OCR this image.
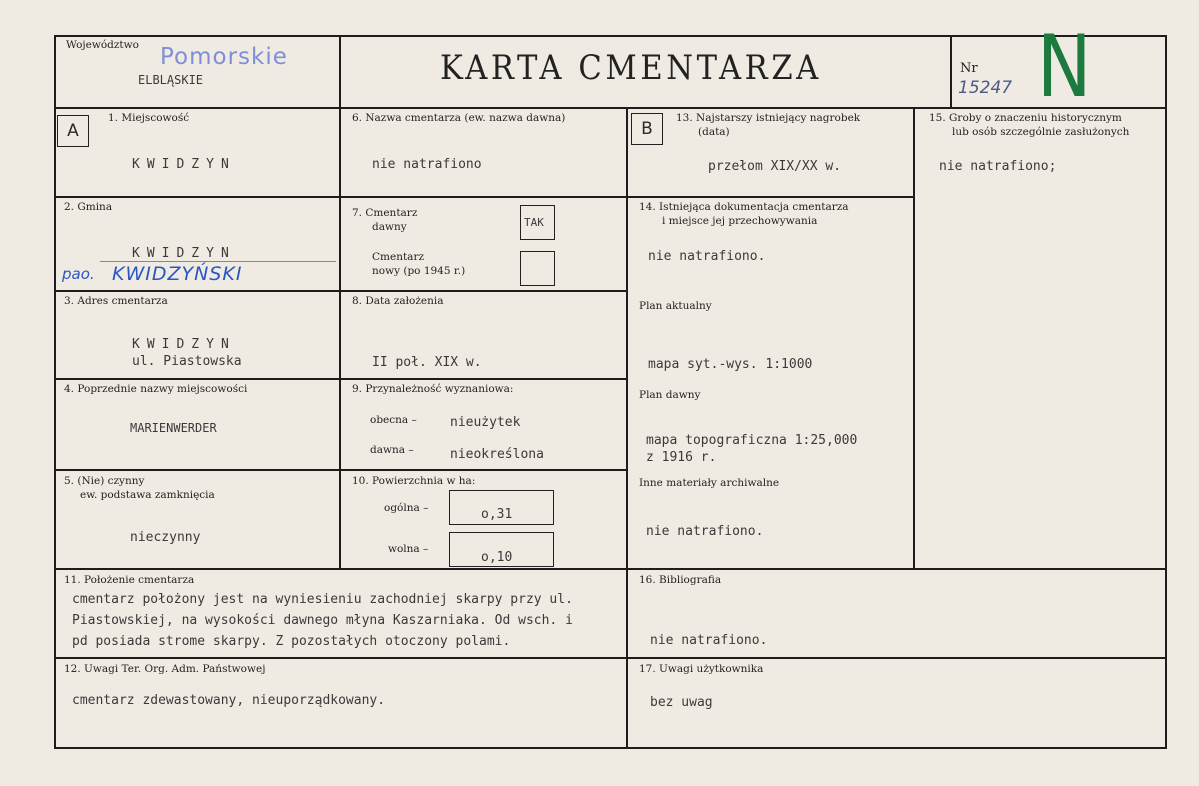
Województwo Pomorskie
ELBLĄSKIE	KARTA CMENTARZA	Nr
15247 N
A
1. Miejscowość
KWIDZYN
2. Gmina
KWIDZYN
pao. KWIDZYŃSKI
3. Adres cmentarza
KWIDZYN
ul. Piastowska
4. Poprzednie nazwy miejscowości
MARIENWERDER
5. (Nie) czynny
ew. podstawa zamknięcia
nieczynny
6. Nazwa cmentarza (ew. nazwa dawna)
nie natrafiono
7. Cmentarz
dawny	TAK
Cmentarz
nowy (po 1945 r.)
8. Data założenia
II poł. XIX w.
9. Przynależność wyznaniowa:
obecna –	nieużytek
dawna –	nieokreślona
10. Powierzchnia w ha:
ogólna –	o,31
wolna –
o,10
B
13. Najstarszy istniejący nagrobek
(data)
przełom XIX/XX w.
14. Istniejąca dokumentacja cmentarza
i miejsce jej przechowywania
nie natrafiono.
Plan aktualny
mapa syt.-wys. 1:1000
Plan dawny
mapa topograficzna 1:25,000
z 1916 r.
Inne materiały archiwalne
nie natrafiono.
15. Groby o znaczeniu historycznym
lub osób szczególnie zasłużonych
nie natrafiono;
11. Położenie cmentarza
cmentarz położony jest na wyniesieniu zachodniej skarpy przy ul.
Piastowskiej, na wysokości dawnego młyna Kaszarniaka. Od wsch. i
pd posiada strome skarpy. Z pozostałych otoczony polami.
16. Bibliografia
nie natrafiono.
12. Uwagi Ter. Org. Adm. Państwowej
cmentarz zdewastowany, nieuporządkowany.
17. Uwagi użytkownika
bez uwag
